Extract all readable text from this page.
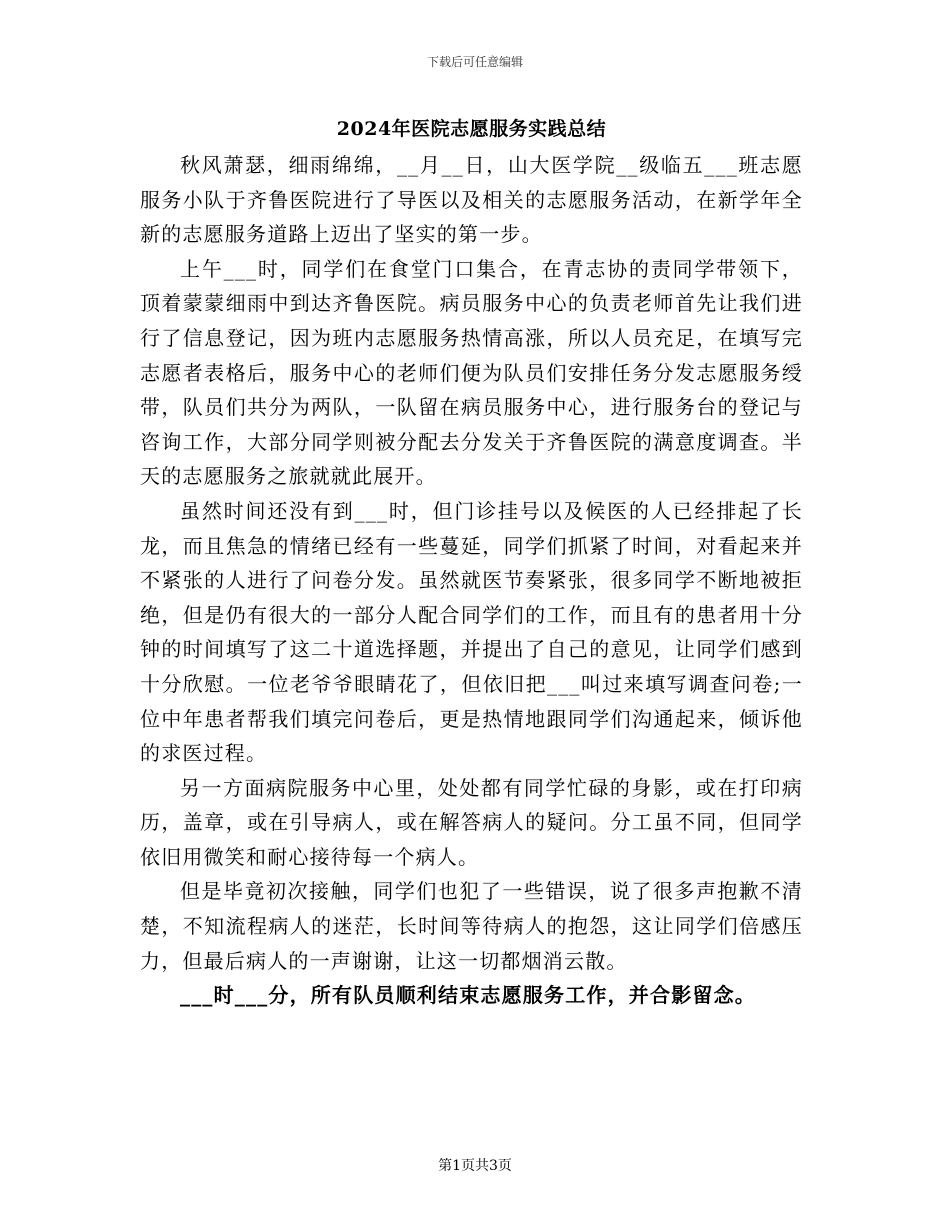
下载后可任意编辑
2024年医院志愿服务实践总结

秋风萧瑟，细雨绵绵，__月__日，山大医学院__级临五___班志愿服务小队于齐鲁医院进行了导医以及相关的志愿服务活动，在新学年全新的志愿服务道路上迈出了坚实的第一步。

上午___时，同学们在食堂门口集合，在青志协的责同学带领下，顶着蒙蒙细雨中到达齐鲁医院。病员服务中心的负责老师首先让我们进行了信息登记，因为班内志愿服务热情高涨，所以人员充足，在填写完志愿者表格后，服务中心的老师们便为队员们安排任务分发志愿服务绶带，队员们共分为两队，一队留在病员服务中心，进行服务台的登记与咨询工作，大部分同学则被分配去分发关于齐鲁医院的满意度调查。半天的志愿服务之旅就就此展开。

虽然时间还没有到___时，但门诊挂号以及候医的人已经排起了长龙，而且焦急的情绪已经有一些蔓延，同学们抓紧了时间，对看起来并不紧张的人进行了问卷分发。虽然就医节奏紧张，很多同学不断地被拒绝，但是仍有很大的一部分人配合同学们的工作，而且有的患者用十分钟的时间填写了这二十道选择题，并提出了自己的意见，让同学们感到十分欣慰。一位老爷爷眼睛花了，但依旧把___叫过来填写调查问卷;一位中年患者帮我们填完问卷后，更是热情地跟同学们沟通起来，倾诉他的求医过程。

另一方面病院服务中心里，处处都有同学忙碌的身影，或在打印病历，盖章，或在引导病人，或在解答病人的疑问。分工虽不同，但同学依旧用微笑和耐心接待每一个病人。

但是毕竟初次接触，同学们也犯了一些错误，说了很多声抱歉不清楚，不知流程病人的迷茫，长时间等待病人的抱怨，这让同学们倍感压力，但最后病人的一声谢谢，让这一切都烟消云散。

___时___分，所有队员顺利结束志愿服务工作，并合影留念。

第1页共3页
